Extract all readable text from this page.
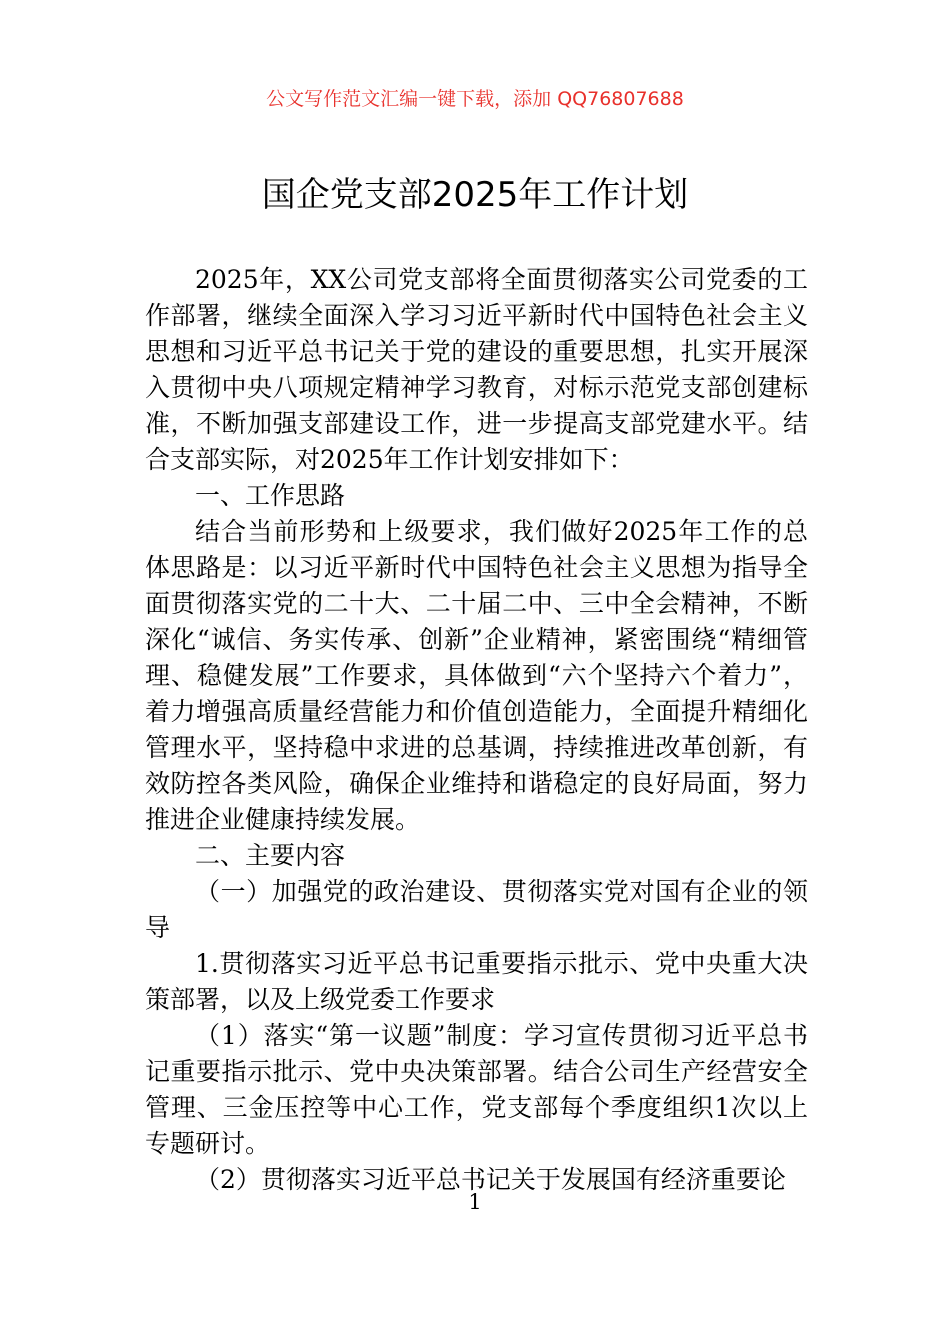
公文写作范文汇编一键下载，添加 QQ76807688
国企党支部2025年工作计划

2025年，XX公司党支部将全面贯彻落实公司党委的工作部署，继续全面深入学习习近平新时代中国特色社会主义思想和习近平总书记关于党的建设的重要思想，扎实开展深入贯彻中央八项规定精神学习教育，对标示范党支部创建标准，不断加强支部建设工作，进一步提高支部党建水平。结合支部实际，对2025年工作计划安排如下：

一、工作思路

结合当前形势和上级要求，我们做好2025年工作的总体思路是：以习近平新时代中国特色社会主义思想为指导全面贯彻落实党的二十大、二十届二中、三中全会精神，不断深化“诚信、务实传承、创新”企业精神，紧密围绕“精细管理、稳健发展”工作要求，具体做到“六个坚持六个着力”，着力增强高质量经营能力和价值创造能力，全面提升精细化管理水平，坚持稳中求进的总基调，持续推进改革创新，有效防控各类风险，确保企业维持和谐稳定的良好局面，努力推进企业健康持续发展。

二、主要内容

（一）加强党的政治建设、贯彻落实党对国有企业的领导

1.贯彻落实习近平总书记重要指示批示、党中央重大决策部署，以及上级党委工作要求

（1）落实“第一议题”制度：学习宣传贯彻习近平总书记重要指示批示、党中央决策部署。结合公司生产经营安全管理、三金压控等中心工作，党支部每个季度组织1次以上专题研讨。

（2）贯彻落实习近平总书记关于发展国有经济重要论

1
